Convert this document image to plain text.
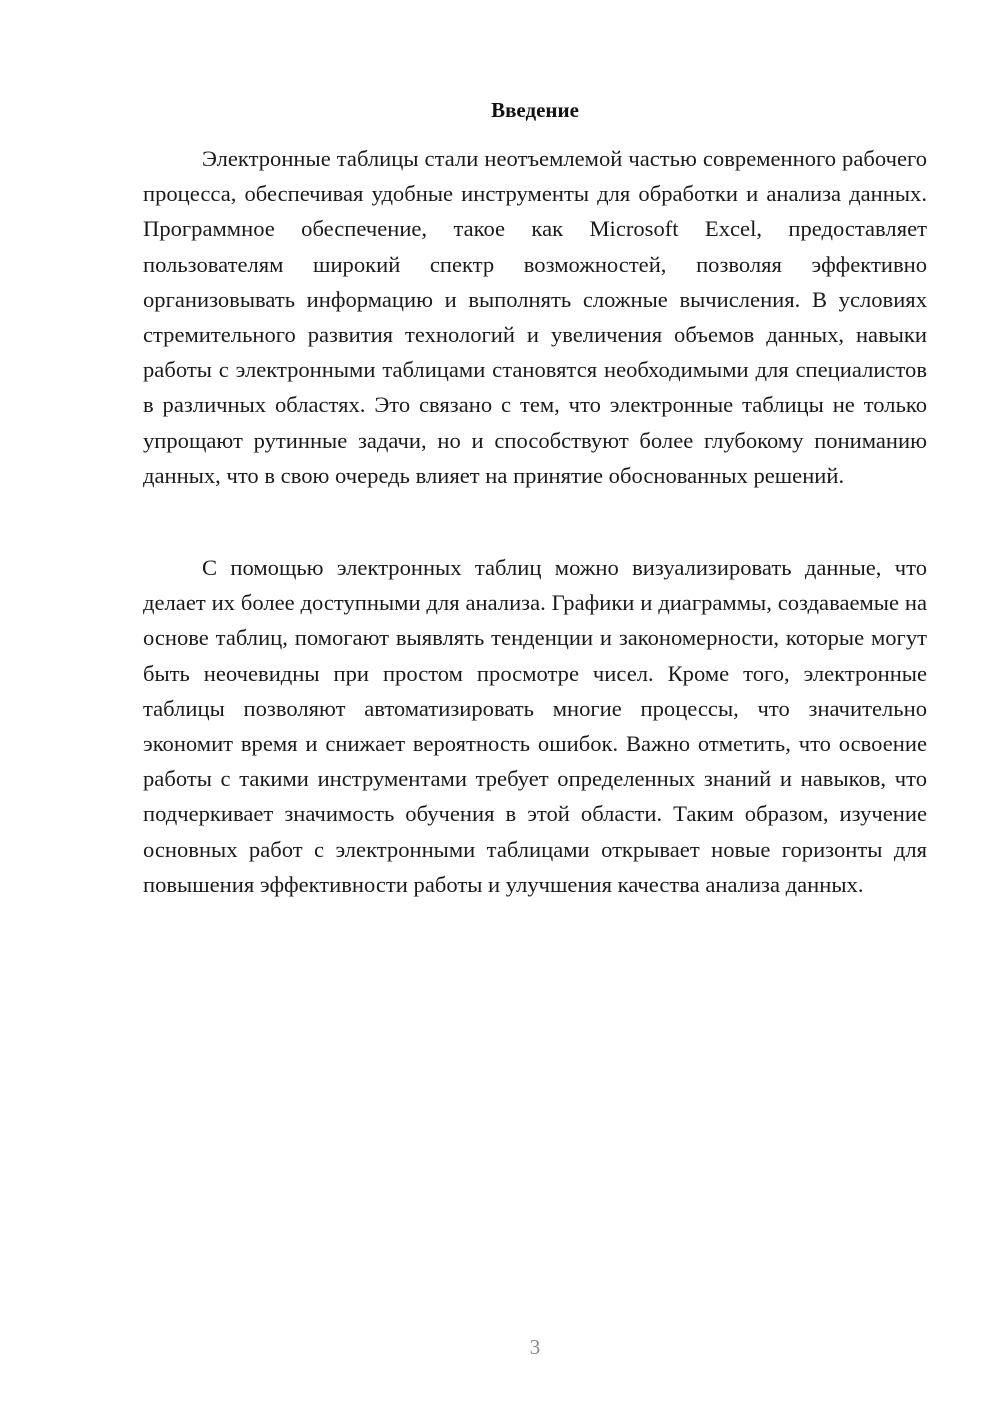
Введение

Электронные таблицы стали неотъемлемой частью современного рабочего процесса, обеспечивая удобные инструменты для обработки и анализа данных. Программное обеспечение, такое как Microsoft Excel, предоставляет пользователям широкий спектр возможностей, позволяя эффективно организовывать информацию и выполнять сложные вычисления. В условиях стремительного развития технологий и увеличения объемов данных, навыки работы с электронными таблицами становятся необходимыми для специалистов в различных областях. Это связано с тем, что электронные таблицы не только упрощают рутинные задачи, но и способствуют более глубокому пониманию данных, что в свою очередь влияет на принятие обоснованных решений.

С помощью электронных таблиц можно визуализировать данные, что делает их более доступными для анализа. Графики и диаграммы, создаваемые на основе таблиц, помогают выявлять тенденции и закономерности, которые могут быть неочевидны при простом просмотре чисел. Кроме того, электронные таблицы позволяют автоматизировать многие процессы, что значительно экономит время и снижает вероятность ошибок. Важно отметить, что освоение работы с такими инструментами требует определенных знаний и навыков, что подчеркивает значимость обучения в этой области. Таким образом, изучение основных работ с электронными таблицами открывает новые горизонты для повышения эффективности работы и улучшения качества анализа данных.

3
